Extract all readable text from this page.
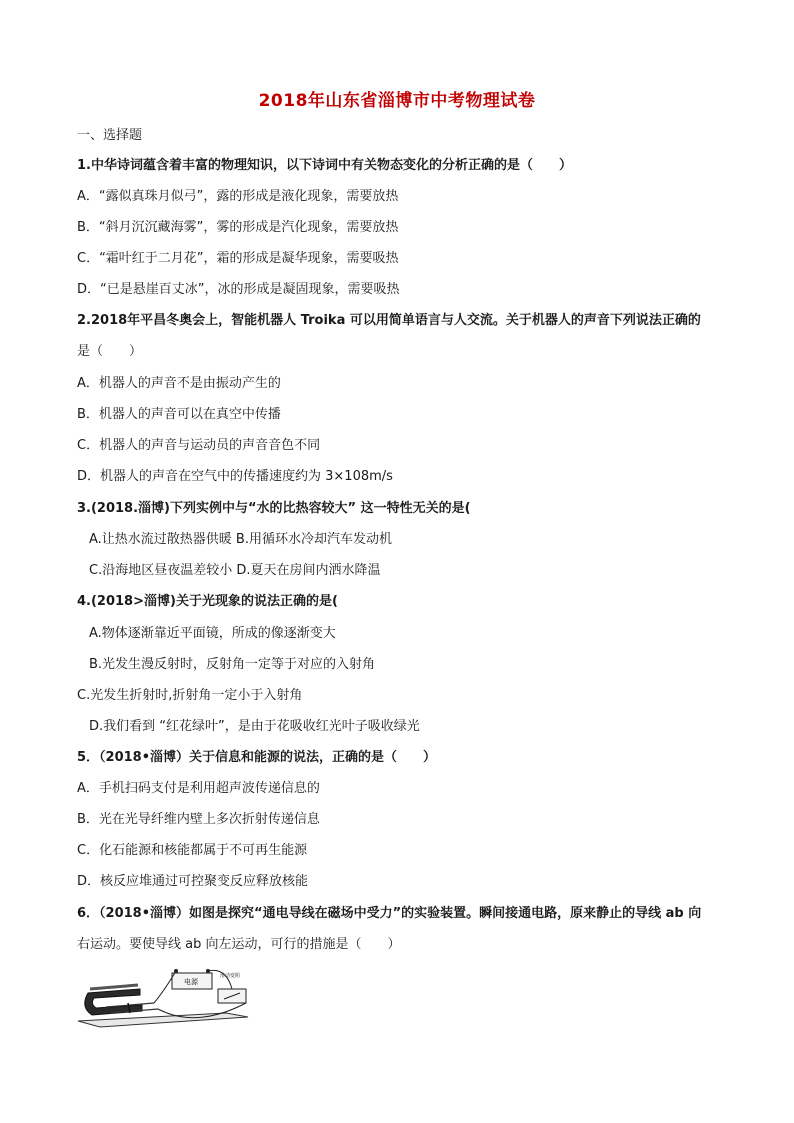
2018年山东省淄博市中考物理试卷
一、选择题
1.中华诗词蕴含着丰富的物理知识，以下诗词中有关物态变化的分析正确的是（　　）
A．“露似真珠月似弓”，露的形成是液化现象，需要放热
B．“斜月沉沉藏海雾”，雾的形成是汽化现象，需要放热
C．“霜叶红于二月花”，霜的形成是凝华现象，需要吸热
D．“已是悬崖百丈冰”，冰的形成是凝固现象，需要吸热
2.2018年平昌冬奥会上，智能机器人 Troika 可以用简单语言与人交流。关于机器人的声音下列说法正确的
是（　　）
A．机器人的声音不是由振动产生的
B．机器人的声音可以在真空中传播
C．机器人的声音与运动员的声音音色不同
D．机器人的声音在空气中的传播速度约为 3×108m/s
3.(2018.淄博)下列实例中与“水的比热容较大” 这一特性无关的是(
A.让热水流过散热器供暖 B.用循环水冷却汽车发动机
C.沿海地区昼夜温差较小 D.夏天在房间内洒水降温
4.(2018>淄博)关于光现象的说法正确的是(
A.物体逐渐靠近平面镜，所成的像逐渐变大
B.光发生漫反射时，反射角一定等于对应的入射角
C.光发生折射时,折射角一定小于入射角
D.我们看到 “红花绿叶”，是由于花吸收红光叶子吸收绿光
5．（2018•淄博）关于信息和能源的说法，正确的是（　　）
A．手机扫码支付是利用超声波传递信息的
B．光在光导纤维内壁上多次折射传递信息
C．化石能源和核能都属于不可再生能源
D．核反应堆通过可控聚变反应释放核能
6．（2018•淄博）如图是探究“通电导线在磁场中受力”的实验装置。瞬间接通电路，原来静止的导线 ab 向
右运动。要使导线 ab 向左运动，可行的措施是（　　）
电源
滑动变阻
